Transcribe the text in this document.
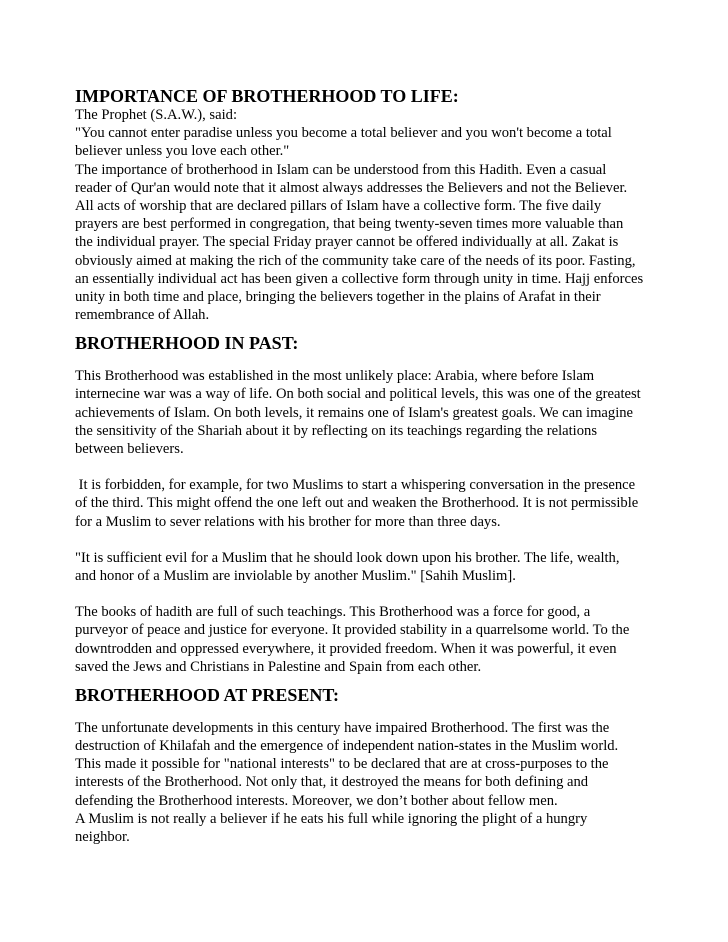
IMPORTANCE OF BROTHERHOOD TO LIFE:
The Prophet (S.A.W.), said:
"You cannot enter paradise unless you become a total believer and you won't become a total
believer unless you love each other."
The importance of brotherhood in Islam can be understood from this Hadith. Even a casual
reader of Qur'an would note that it almost always addresses the Believers and not the Believer.
All acts of worship that are declared pillars of Islam have a collective form. The five daily
prayers are best performed in congregation, that being twenty-seven times more valuable than
the individual prayer. The special Friday prayer cannot be offered individually at all. Zakat is
obviously aimed at making the rich of the community take care of the needs of its poor. Fasting,
an essentially individual act has been given a collective form through unity in time. Hajj enforces
unity in both time and place, bringing the believers together in the plains of Arafat in their
remembrance of Allah.
BROTHERHOOD IN PAST:
This Brotherhood was established in the most unlikely place: Arabia, where before Islam
internecine war was a way of life. On both social and political levels, this was one of the greatest
achievements of Islam. On both levels, it remains one of Islam's greatest goals. We can imagine
the sensitivity of the Shariah about it by reflecting on its teachings regarding the relations
between believers.
It is forbidden, for example, for two Muslims to start a whispering conversation in the presence
of the third. This might offend the one left out and weaken the Brotherhood. It is not permissible
for a Muslim to sever relations with his brother for more than three days.
"It is sufficient evil for a Muslim that he should look down upon his brother. The life, wealth,
and honor of a Muslim are inviolable by another Muslim." [Sahih Muslim].
The books of hadith are full of such teachings. This Brotherhood was a force for good, a
purveyor of peace and justice for everyone. It provided stability in a quarrelsome world. To the
downtrodden and oppressed everywhere, it provided freedom. When it was powerful, it even
saved the Jews and Christians in Palestine and Spain from each other.
BROTHERHOOD AT PRESENT:
The unfortunate developments in this century have impaired Brotherhood. The first was the
destruction of Khilafah and the emergence of independent nation-states in the Muslim world.
This made it possible for "national interests" to be declared that are at cross-purposes to the
interests of the Brotherhood. Not only that, it destroyed the means for both defining and
defending the Brotherhood interests. Moreover, we don’t bother about fellow men.
A Muslim is not really a believer if he eats his full while ignoring the plight of a hungry
neighbor.
